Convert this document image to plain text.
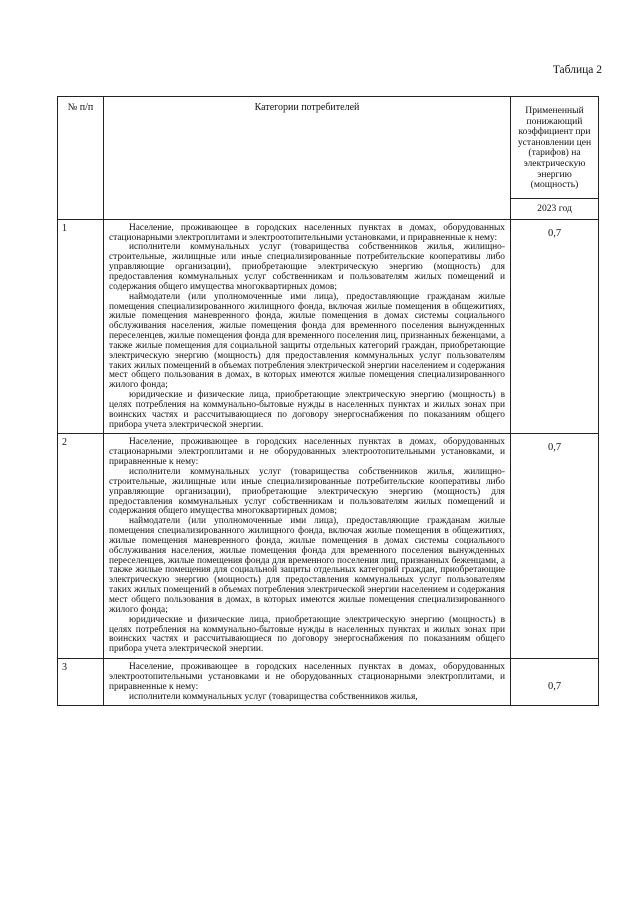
Таблица 2
№ п/п	Категории потребителей	Примененный понижающий коэффициент при установлении цен (тарифов) на электрическую энергию (мощность)
		2023 год
1	Население, проживающее в городских населенных пунктах в домах, оборудованных стационарными электроплитами и электроотопительными установками, и приравненные к нему:

исполнители коммунальных услуг (товарищества собственников жилья, жилищно-строительные, жилищные или иные специализированные потребительские кооперативы либо управляющие организации), приобретающие электрическую энергию (мощность) для предоставления коммунальных услуг собственникам и пользователям жилых помещений и содержания общего имущества многоквартирных домов;

наймодатели (или уполномоченные ими лица), предоставляющие гражданам жилые помещения специализированного жилищного фонда, включая жилые помещения в общежитиях, жилые помещения маневренного фонда, жилые помещения в домах системы социального обслуживания населения, жилые помещения фонда для временного поселения вынужденных переселенцев, жилые помещения фонда для временного поселения лиц, признанных беженцами, а также жилые помещения для социальной защиты отдельных категорий граждан, приобретающие электрическую энергию (мощность) для предоставления коммунальных услуг пользователям таких жилых помещений в объемах потребления электрической энергии населением и содержания мест общего пользования в домах, в которых имеются жилые помещения специализированного жилого фонда;

юридические и физические лица, приобретающие электрическую энергию (мощность) в целях потребления на коммунально-бытовые нужды в населенных пунктах и жилых зонах при воинских частях и рассчитывающиеся по договору энергоснабжения по показаниям общего прибора учета электрической энергии.	0,7
2	Население, проживающее в городских населенных пунктах в домах, оборудованных стационарными электроплитами и не оборудованных электроотопительными установками, и приравненные к нему:

исполнители коммунальных услуг (товарищества собственников жилья, жилищно-строительные, жилищные или иные специализированные потребительские кооперативы либо управляющие организации), приобретающие электрическую энергию (мощность) для предоставления коммунальных услуг собственникам и пользователям жилых помещений и содержания общего имущества многоквартирных домов;

наймодатели (или уполномоченные ими лица), предоставляющие гражданам жилые помещения специализированного жилищного фонда, включая жилые помещения в общежитиях, жилые помещения маневренного фонда, жилые помещения в домах системы социального обслуживания населения, жилые помещения фонда для временного поселения вынужденных переселенцев, жилые помещения фонда для временного поселения лиц, признанных беженцами, а также жилые помещения для социальной защиты отдельных категорий граждан, приобретающие электрическую энергию (мощность) для предоставления коммунальных услуг пользователям таких жилых помещений в объемах потребления электрической энергии населением и содержания мест общего пользования в домах, в которых имеются жилые помещения специализированного жилого фонда;

юридические и физические лица, приобретающие электрическую энергию (мощность) в целях потребления на коммунально-бытовые нужды в населенных пунктах и жилых зонах при воинских частях и рассчитывающиеся по договору энергоснабжения по показаниям общего прибора учета электрической энергии.	0,7
3	Население, проживающее в городских населенных пунктах в домах, оборудованных электроотопительными установками и не оборудованных стационарными электроплитами, и приравненные к нему:

исполнители коммунальных услуг (товарищества собственников жилья,	0,7
